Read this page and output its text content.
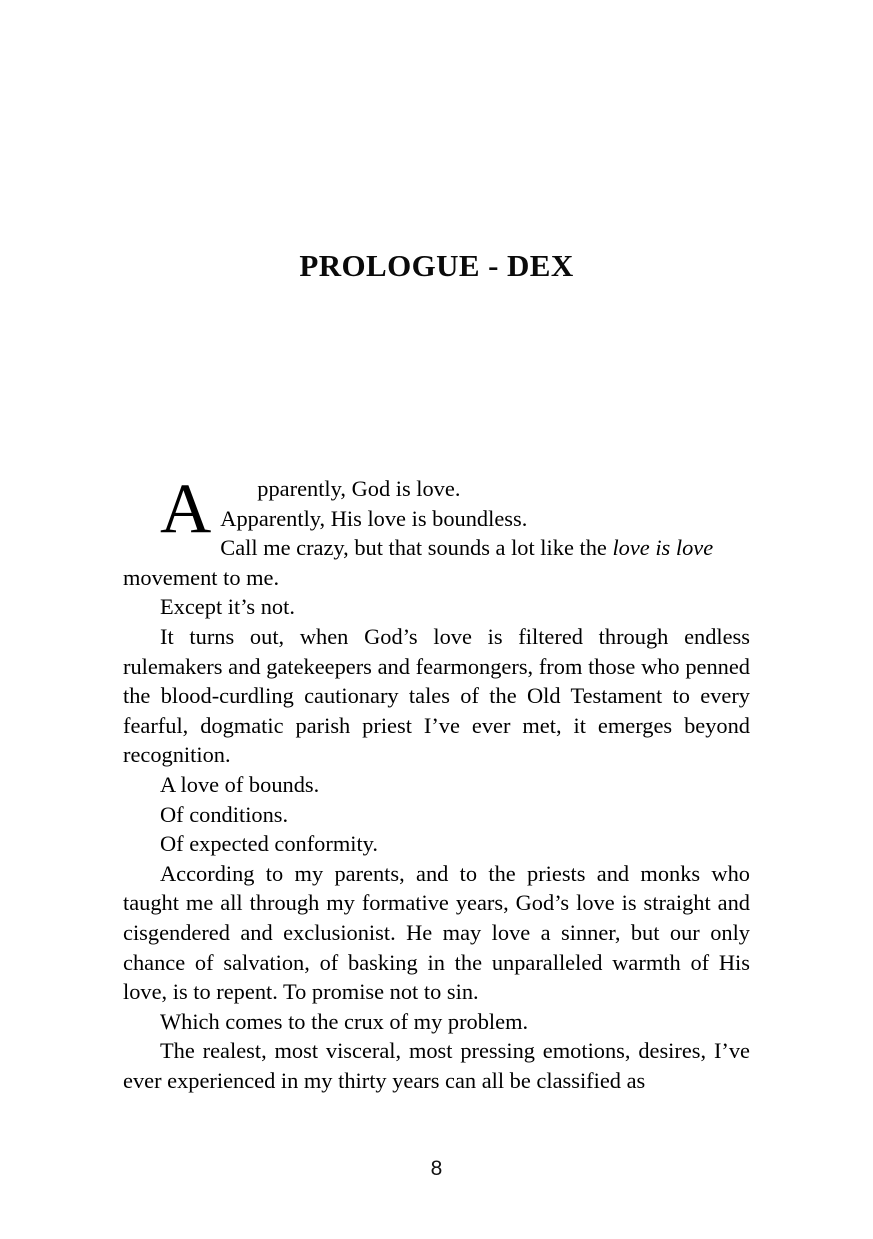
PROLOGUE - DEX

A	pparently, God is love.
Apparently, His love is boundless.
Call me crazy, but that sounds a lot like the love is love
movement to me.

Except it’s not.

It turns out, when God’s love is filtered through endless rulemakers and gatekeepers and fearmongers, from those who penned the blood-curdling cautionary tales of the Old Testament to every fearful, dogmatic parish priest I’ve ever met, it emerges beyond recognition.

A love of bounds.

Of conditions.

Of expected conformity.

According to my parents, and to the priests and monks who taught me all through my formative years, God’s love is straight and cisgendered and exclusionist. He may love a sinner, but our only chance of salvation, of basking in the unparalleled warmth of His love, is to repent. To promise not to sin.

Which comes to the crux of my problem.

The realest, most visceral, most pressing emotions, desires, I’ve ever experienced in my thirty years can all be classified as

8
